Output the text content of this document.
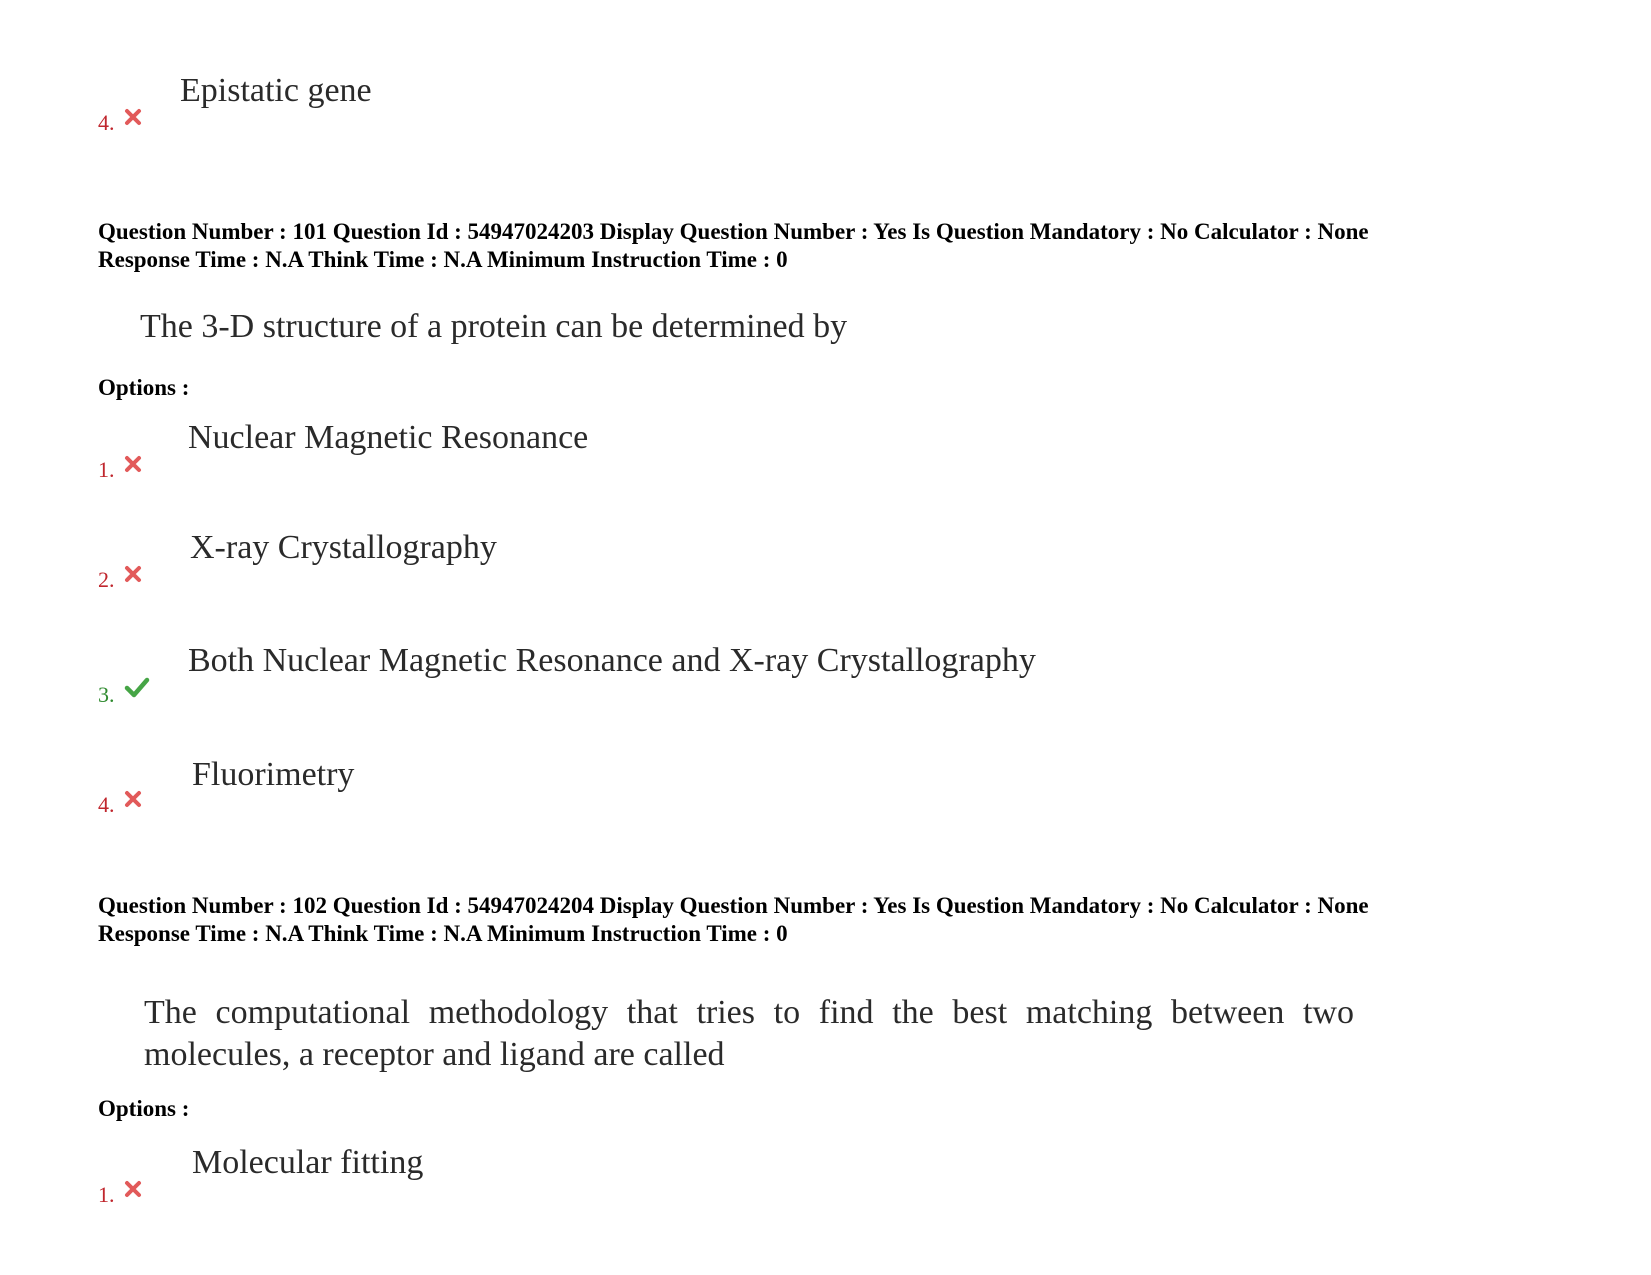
4.
Epistatic gene
Question Number : 101 Question Id : 54947024203 Display Question Number : Yes Is Question Mandatory : No Calculator : None
Response Time : N.A Think Time : N.A Minimum Instruction Time : 0
The 3-D structure of a protein can be determined by
Options :
1.
Nuclear Magnetic Resonance
2.
X-ray Crystallography
3.
Both Nuclear Magnetic Resonance and X-ray Crystallography
4.
Fluorimetry
Question Number : 102 Question Id : 54947024204 Display Question Number : Yes Is Question Mandatory : No Calculator : None
Response Time : N.A Think Time : N.A Minimum Instruction Time : 0
The computational methodology that tries to find the best matching between two
molecules, a receptor and ligand are called
Options :
1.
Molecular fitting
